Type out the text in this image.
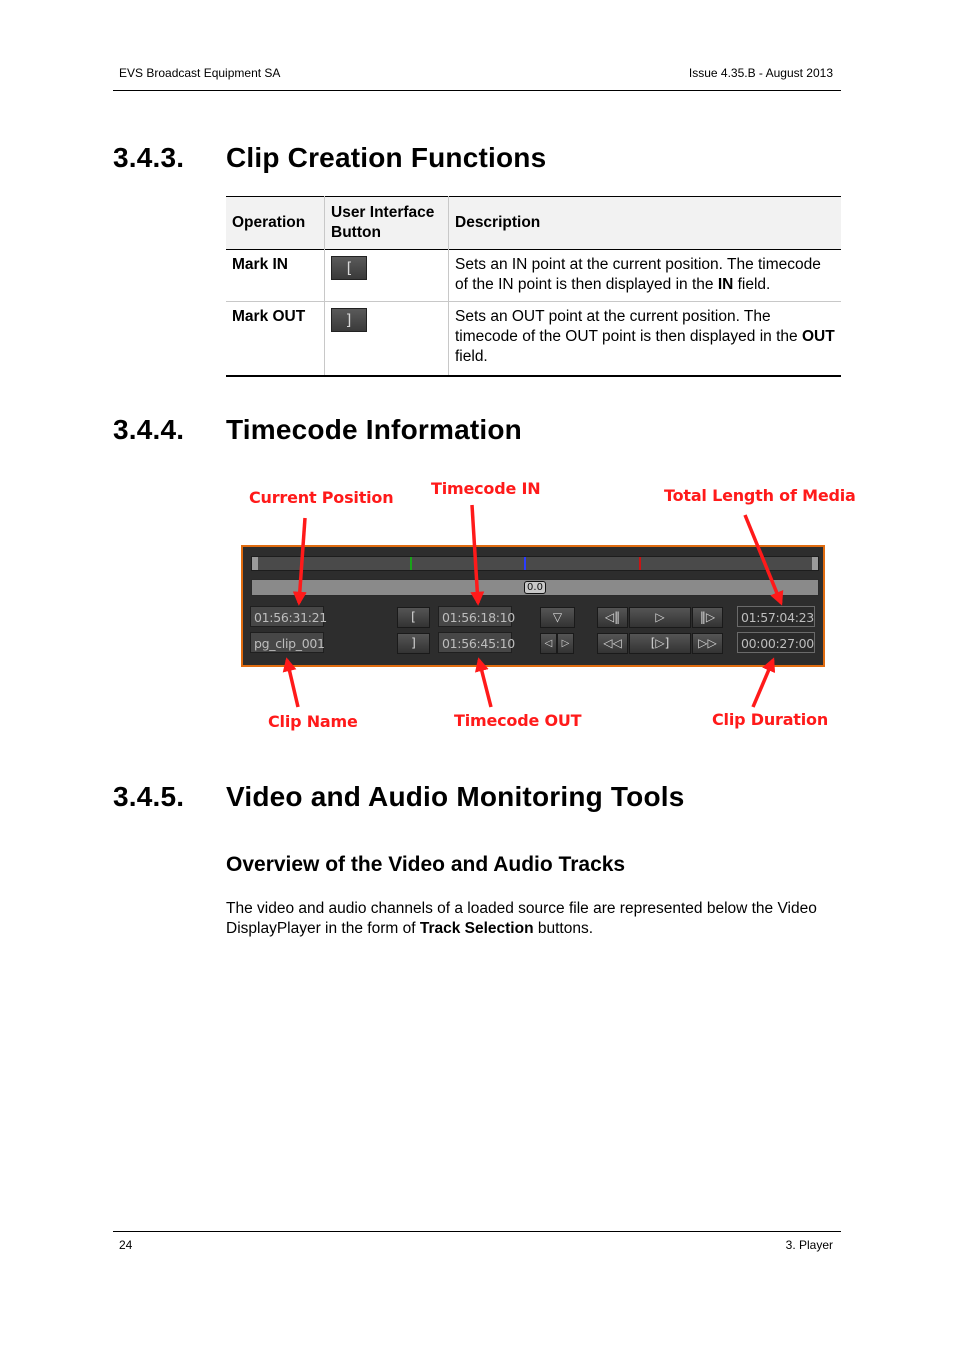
EVS Broadcast Equipment SA	Issue 4.35.B - August 2013
3.4.3. Clip Creation Functions
Operation	User Interface Button	Description
Mark IN	[	Sets an IN point at the current position. The timecode of the IN point is then displayed in the IN field.
Mark OUT	]	Sets an OUT point at the current position. The timecode of the OUT point is then displayed in the OUT field.
3.4.4. Timecode Information
Current Position Timecode IN	Total Length of Media
Clip Name	Timecode OUT	Clip Duration
0.0
01:56:31:21
pg_clip_001
[
]
01:56:18:10
01:56:45:10
▽
◁ ▷
◁‖	▷	‖▷
◁◁	[▷]	▷▷
01:57:04:23
00:00:27:00
3.4.5. Video and Audio Monitoring Tools
Overview of the Video and Audio Tracks
The video and audio channels of a loaded source file are represented below the Video DisplayPlayer in the form of Track Selection buttons.
24	3. Player
